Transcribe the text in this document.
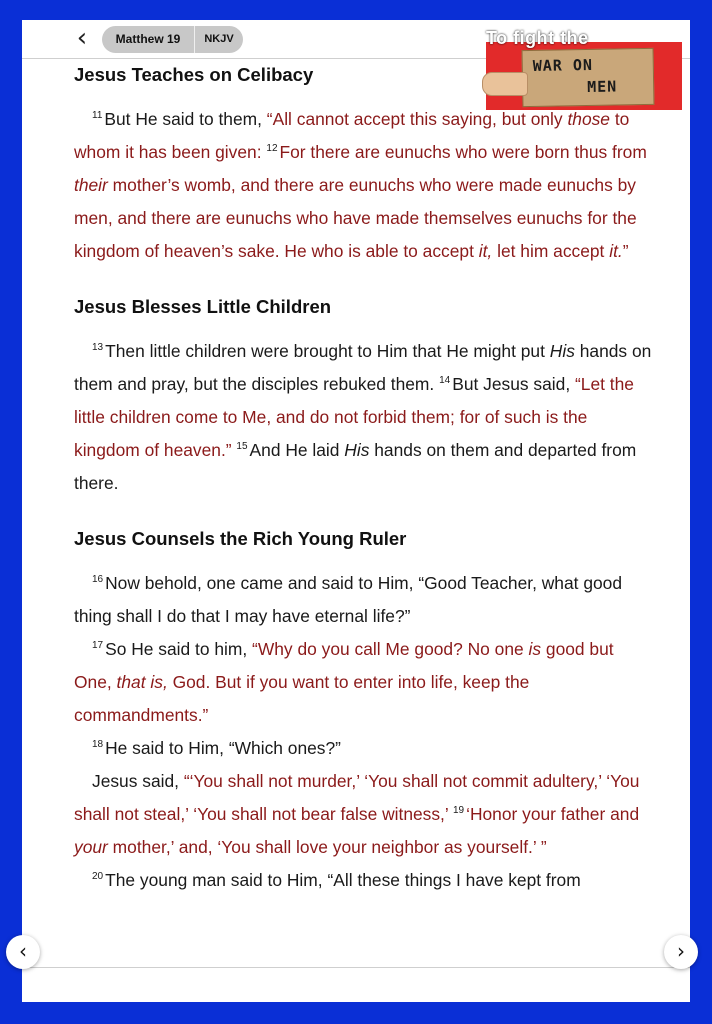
‹	Matthew 19	NKJV
WAR ON
MEN
To fight the
Jesus Teaches on Celibacy

$^{11}$ But He said to them, “All cannot accept this saying, but only those to whom it has been given: $^{12}$ For there are eunuchs who were born thus from their mother’s womb, and there are eunuchs who were made eunuchs by men, and there are eunuchs who have made themselves eunuchs for the kingdom of heaven’s sake. He who is able to accept it, let him accept it.”

Jesus Blesses Little Children

$^{13}$ Then little children were brought to Him that He might put His hands on them and pray, but the disciples rebuked them. $^{14}$ But Jesus said, “Let the little children come to Me, and do not forbid them; for of such is the kingdom of heaven.” $^{15}$ And He laid His hands on them and departed from there.

Jesus Counsels the Rich Young Ruler

$^{16}$ Now behold, one came and said to Him, “Good Teacher, what good thing shall I do that I may have eternal life?”

$^{17}$ So He said to him, “Why do you call Me good? No one is good but One, that is, God. But if you want to enter into life, keep the commandments.”

$^{18}$ He said to Him, “Which ones?”

Jesus said, “‘You shall not murder,’ ‘You shall not commit adultery,’ ‘You shall not steal,’ ‘You shall not bear false witness,’ $^{19}$ ‘Honor your father and your mother,’ and, ‘You shall love your neighbor as yourself.’ ”

$^{20}$ The young man said to Him, “All these things I have kept from

‹	›
